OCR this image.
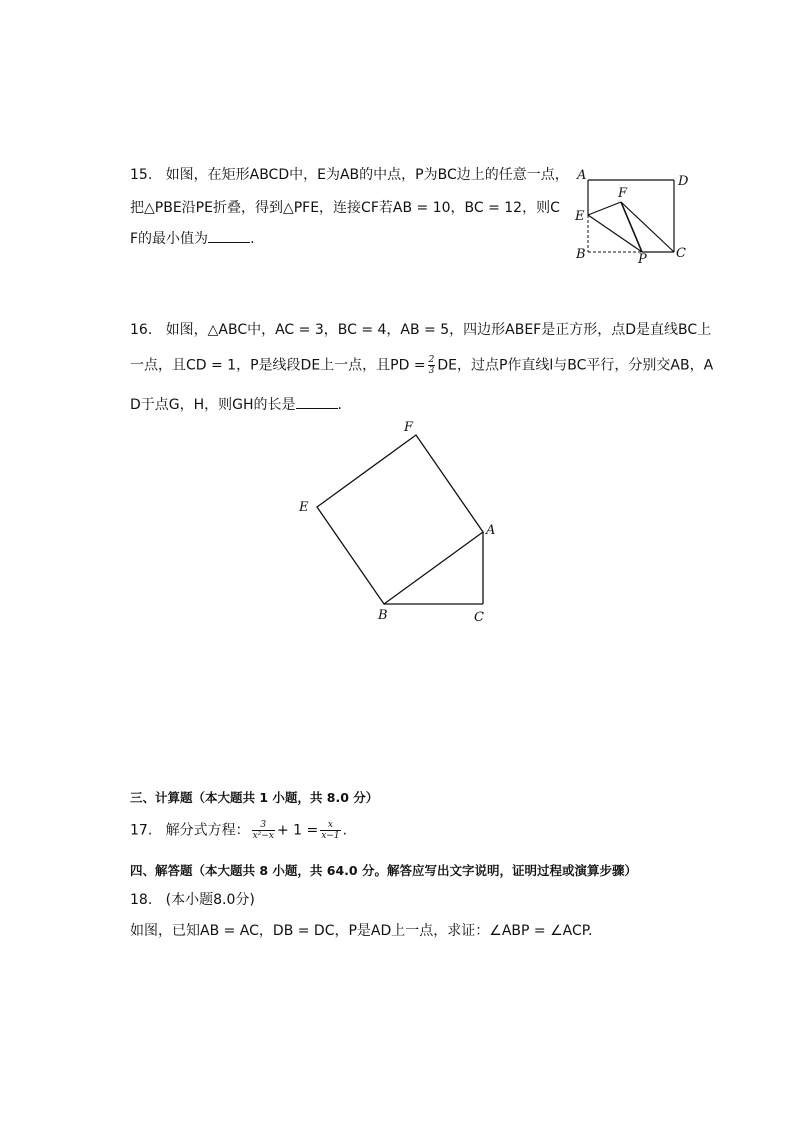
15. 如图，在矩形ABCD中，E为AB的中点，P为BC边上的任意一点，
把△PBE沿PE折叠，得到△PFE，连接CF若AB = 10，BC = 12，则C
F的最小值为	.
A	D
E
F
B	P C
16. 如图，△ABC中，AC = 3，BC = 4，AB = 5，四边形ABEF是正方形，点D是直线BC上
一点，且CD = 1，P是线段DE上一点，且PD = $\frac{2}{3}$ DE，过点P作直线l与BC平行，分别交AB，A
D于点G，H，则GH的长是	.
F
E
A
B	C
三、计算题（本大题共 1 小题，共 8.0 分）
17. 解分式方程： $\frac{3}{\text{x²−x}} + 1 = \frac{x}{x-1}$ .
四、解答题（本大题共 8 小题，共 64.0 分。解答应写出文字说明，证明过程或演算步骤）
18. (本小题8.0分)
如图，已知AB = AC，DB = DC，P是AD上一点，求证：∠ABP = ∠ACP.
